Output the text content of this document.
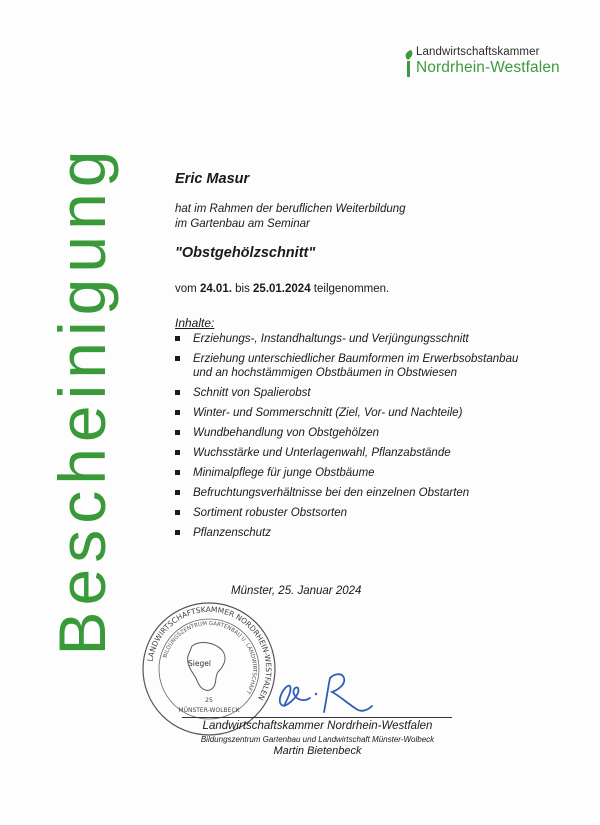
Landwirtschaftskammer
Nordrhein-Westfalen
Bescheinigung	Eric Masur
hat im Rahmen der beruflichen Weiterbildung
im Gartenbau am Seminar
"Obstgehölzschnitt"
vom 24.01. bis 25.01.2024 teilgenommen.
Inhalte:
Erziehungs-, Instandhaltungs- und Verjüngungsschnitt
Erziehung unterschiedlicher Baumformen im Erwerbsobstanbau
und an hochstämmigen Obstbäumen in Obstwiesen
Schnitt von Spalierobst
Winter- und Sommerschnitt (Ziel, Vor- und Nachteile)
Wundbehandlung von Obstgehölzen
Wuchsstärke und Unterlagenwahl, Pflanzabstände
Minimalpflege für junge Obstbäume
Befruchtungsverhältnisse bei den einzelnen Obstarten
Sortiment robuster Obstsorten
Pflanzenschutz
Münster, 25. Januar 2024
LANDWIRTSCHAFTSKAMMER NORDRHEIN-WESTFALEN
BILDUNGSZENTRUM GARTENBAU U. LANDWIRTSCHAFT
MÜNSTER-WOLBECK
Siegel
25
Landwirtschaftskammer Nordrhein-Westfalen
Bildungszentrum Gartenbau und Landwirtschaft Münster-Wolbeck
Martin Bietenbeck
